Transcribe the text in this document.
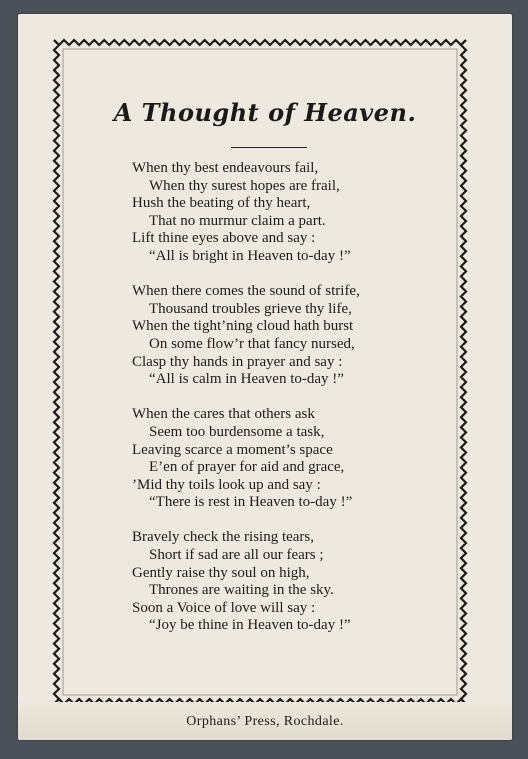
A Thought of Heaven.
When thy best endeavours fail,
When thy surest hopes are frail,
Hush the beating of thy heart,
That no murmur claim a part.
Lift thine eyes above and say :
“All is bright in Heaven to-day !”
When there comes the sound of strife,
Thousand troubles grieve thy life,
When the tight’ning cloud hath burst
On some flow’r that fancy nursed,
Clasp thy hands in prayer and say :
“All is calm in Heaven to-day !”
When the cares that others ask
Seem too burdensome a task,
Leaving scarce a moment’s space
E’en of prayer for aid and grace,
’Mid thy toils look up and say :
“There is rest in Heaven to-day !”
Bravely check the rising tears,
Short if sad are all our fears ;
Gently raise thy soul on high,
Thrones are waiting in the sky.
Soon a Voice of love will say :
“Joy be thine in Heaven to-day !”
Orphans’ Press, Rochdale.
